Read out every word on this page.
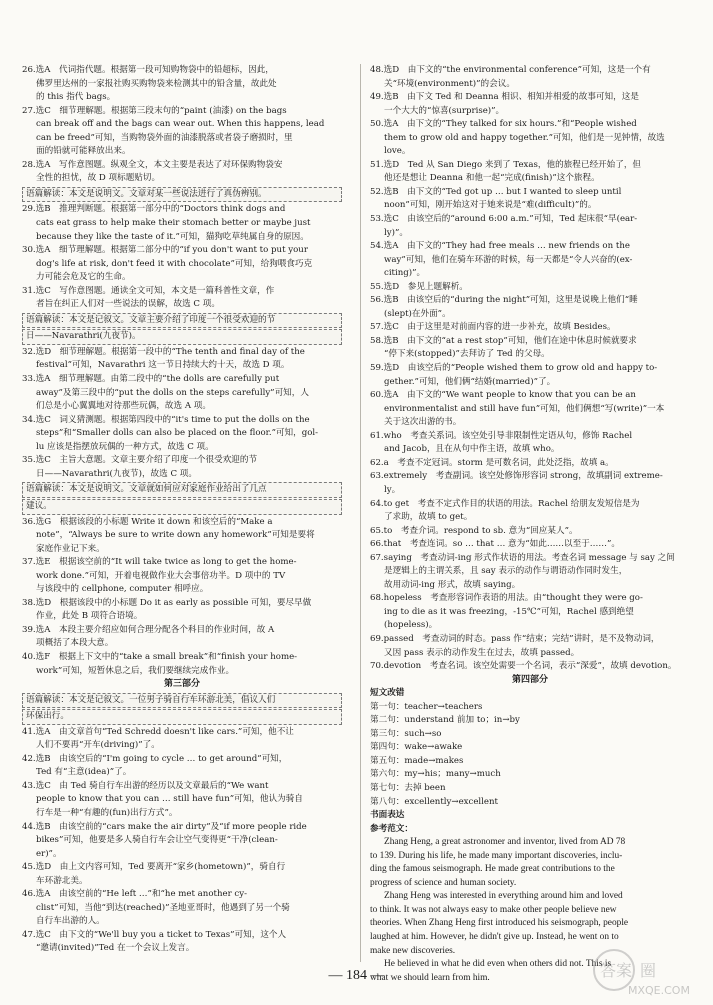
26.选A　代词指代题。根据第一段可知购物袋中的铅超标，因此，
佛罗里达州的一家报社购买购物袋来检测其中的铅含量，故此处
的 this 指代 bags。
27.选C　细节理解题。根据第三段末句的“paint (油漆) on the bags
can break off and the bags can wear out. When this happens, lead
can be freed”可知，当购物袋外面的油漆脱落或者袋子磨损时，里
面的铅就可能释放出来。
28.选A　写作意图题。纵观全文，本文主要是表达了对环保购物袋安
全性的担忧，故 D 项标题贴切。
语篇解读：本文是说明文。文章对某一些说法进行了真伪辨别。
29.选B　推理判断题。根据第一部分中的“Doctors think dogs and
cats eat grass to help make their stomach better or maybe just
because they like the taste of it.”可知，猫狗吃草纯属自身的原因。
30.选A　细节理解题。根据第二部分中的“if you don't want to put your
dog's life at risk, don't feed it with chocolate”可知，给狗喂食巧克
力可能会危及它的生命。
31.选C　写作意图题。通读全文可知，本文是一篇科普性文章，作
者旨在纠正人们对一些说法的误解，故选 C 项。
语篇解读：本文是记叙文。文章主要介绍了印度一个很受欢迎的节
日——Navarathri(九夜节)。
32.选D　细节理解题。根据第一段中的“The tenth and final day of the
festival”可知，Navarathri 这一节日持续大约十天，故选 D 项。
33.选A　细节理解题。由第二段中的“the dolls are carefully put
away”及第三段中的“put the dolls on the steps carefully”可知，人
们总是小心翼翼地对待那些玩偶，故选 A 项。
34.选C　词义猜测题。根据第四段中的“it's time to put the dolls on the
steps”和“Smaller dolls can also be placed on the floor.”可知，gol-
lu 应该是指摆放玩偶的一种方式，故选 C 项。
35.选C　主旨大意题。文章主要介绍了印度一个很受欢迎的节
日——Navarathri(九夜节)，故选 C 项。
语篇解读：本文是说明文。文章就如何应对家庭作业给出了几点
建议。
36.选G　根据该段的小标题 Write it down 和该空后的“Make a
note”，“Always be sure to write down any homework”可知是要将
家庭作业记下来。
37.选E　根据该空前的“It will take twice as long to get the home-
work done.”可知，开着电视做作业大会事倍功半。D 项中的 TV
与该段中的 cellphone, computer 相呼应。
38.选D　根据该段中的小标题 Do it as early as possible 可知，要尽早做
作业，此处 B 项符合语境。
39.选A　本段主要介绍应如何合理分配各个科目的作业时间，故 A
项概括了本段大意。
40.选F　根据上下文中的“take a small break”和“finish your home-
work”可知，短暂休息之后，我们要继续完成作业。
第三部分
语篇解读：本文是记叙文。一位男子骑自行车环游北美，倡议人们
环保出行。
41.选A　由文章首句“Ted Schredd doesn't like cars.”可知，他不让
人们不要再“开车(driving)”了。
42.选B　由该空后的“I'm going to cycle … to get around”可知，
Ted 有“主意(idea)”了。
43.选C　由 Ted 骑自行车出游的经历以及文章最后的“We want
people to know that you can … still have fun”可知，他认为骑自
行车是一种“有趣的(fun)出行方式”。
44.选B　由该空前的“cars make the air dirty”及“if more people ride
bikes”可知，他要是多人骑自行车会让空气变得更“干净(clean-
er)”。
45.选D　由上文内容可知，Ted 要离开“家乡(hometown)”，骑自行
车环游北美。
46.选A　由该空前的“He left …”和“he met another cy-
clist”可知，当他“到达(reached)”圣地亚哥时，他遇到了另一个骑
自行车出游的人。
47.选C　由下文的“We'll buy you a ticket to Texas”可知，这个人
“邀请(invited)”Ted 在一个会议上发言。
48.选D　由下文的“the environmental conference”可知，这是一个有
关“环境(environment)”的会议。
49.选B　由下文 Ted 和 Deanna 相识、相知并相爱的故事可知，这是
一个大大的“惊喜(surprise)”。
50.选A　由下文的“They talked for six hours.”和“People wished
them to grow old and happy together.”可知，他们是一见钟情，故选
love。
51.选D　Ted 从 San Diego 来到了 Texas，他的旅程已经开始了，但
他还是想让 Deanna 和他一起“完成(finish)”这个旅程。
52.选B　由下文的“Ted got up … but I wanted to sleep until
noon”可知，刚开始这对于她来说是“难(difficult)”的。
53.选C　由该空后的“around 6:00 a.m.”可知，Ted 起床很“早(ear-
ly)”。
54.选A　由下文的“They had free meals … new friends on the
way”可知，他们在骑车环游的时候，每一天都是“令人兴奋的(ex-
citing)”。
55.选D　参见上题解析。
56.选B　由该空后的“during the night”可知，这里是说晚上他们“睡
(slept)在外面”。
57.选C　由于这里是对前面内容的进一步补充，故填 Besides。
58.选B　由下文的“at a rest stop”可知，他们在途中休息时候就要求
“停下来(stopped)”去拜访了 Ted 的父母。
59.选D　由该空后的“People wished them to grow old and happy to-
gether.”可知，他们俩“结婚(married)”了。
60.选A　由下文的“We want people to know that you can be an
environmentalist and still have fun”可知，他们俩想“写(write)”一本
关于这次出游的书。
61.who　考查关系词。该空处引导非限制性定语从句，修饰 Rachel
and Jacob，且在从句中作主语，故填 who。
62.a　考查不定冠词。storm 是可数名词，此处泛指，故填 a。
63.extremely　考查副词。该空处修饰形容词 strong，故填副词 extreme-
ly。
64.to get　考查不定式作目的状语的用法。Rachel 给朋友发短信是为
了求助，故填 to get。
65.to　考查介词。respond to sb. 意为“回应某人”。
66.that　考查连词。so … that … 意为“如此……以至于……”。
67.saying　考查动词-ing 形式作状语的用法。考查名词 message 与 say 之间
是逻辑上的主谓关系，且 say 表示的动作与谓语动作同时发生，
故用动词-ing 形式，故填 saying。
68.hopeless　考查形容词作表语的用法。由“thought they were go-
ing to die as it was freezing，-15℃”可知，Rachel 感到绝望
(hopeless)。
69.passed　考查动词的时态。pass 作“结束；完结”讲时，是不及物动词，
又因 pass 表示的动作发生在过去，故填 passed。
70.devotion　考查名词。该空处需要一个名词，表示“深爱”，故填 devotion。
第四部分
短文改错
第一句：teacher→teachers
第二句：understand 前加 to；in→by
第三句：such→so
第四句：wake→awake
第五句：made→makes
第六句：my→his；many→much
第七句：去掉 been
第八句：excellently→excellent
书面表达
参考范文：
Zhang Heng, a great astronomer and inventor, lived from AD 78
to 139. During his life, he made many important discoveries, inclu-
ding the famous seismograph. He made great contributions to the
progress of science and human society.
Zhang Heng was interested in everything around him and loved
to think. It was not always easy to make other people believe new
theories. When Zhang Heng first introduced his seismograph, people
laughed at him. However, he didn't give up. Instead, he went on to
make new discoveries.
He believed in what he did even when others did not. This is
what we should learn from him.
— 184 —	答案 圈
MXQE.COM
